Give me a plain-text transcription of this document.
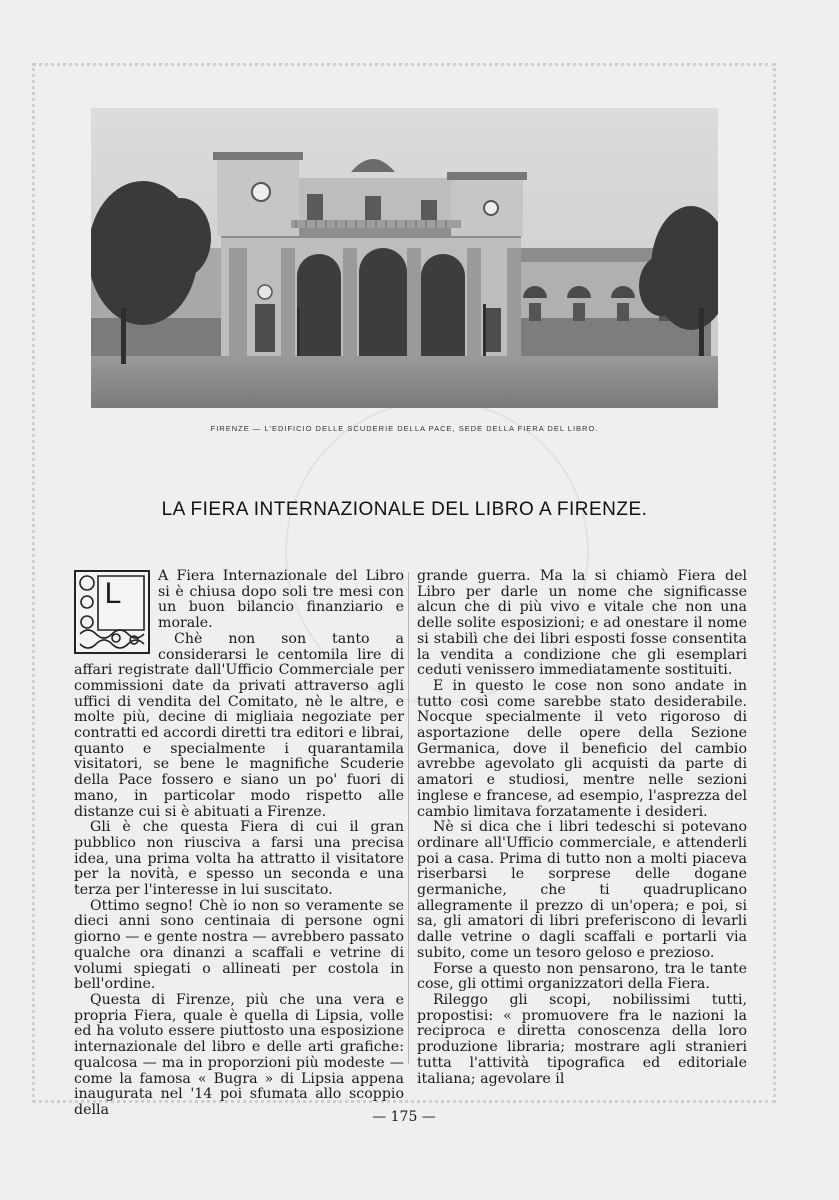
FIRENZE — L'EDIFICIO DELLE SCUDERIE DELLA PACE, SEDE DELLA FIERA DEL LIBRO.
LA FIERA INTERNAZIONALE DEL LIBRO A FIRENZE.
L

A Fiera Internazionale del Libro si è chiusa dopo soli tre mesi con un buon bilancio finanziario e morale.

Chè non son tanto a considerarsi le centomila lire di affari registrate dall'Ufficio Commerciale per commissioni date da privati attraverso agli uffici di vendita del Comitato, nè le altre, e molte più, decine di migliaia negoziate per contratti ed accordi diretti tra editori e librai, quanto e specialmente i quarantamila visitatori, se bene le magnifiche Scuderie della Pace fossero e siano un po' fuori di mano, in particolar modo rispetto alle distanze cui si è abituati a Firenze.

Gli è che questa Fiera di cui il gran pubblico non riusciva a farsi una precisa idea, una prima volta ha attratto il visitatore per la novità, e spesso un seconda e una terza per l'interesse in lui suscitato.

Ottimo segno! Chè io non so veramente se dieci anni sono centinaia di persone ogni giorno — e gente nostra — avrebbero passato qualche ora dinanzi a scaffali e vetrine di volumi spiegati o allineati per costola in bell'ordine.

Questa di Firenze, più che una vera e propria Fiera, quale è quella di Lipsia, volle ed ha voluto essere piuttosto una esposizione internazionale del libro e delle arti grafiche: qualcosa — ma in proporzioni più modeste — come la famosa « Bugra » di Lipsia appena inaugurata nel '14 poi sfumata allo scoppio della

grande guerra. Ma la si chiamò Fiera del Libro per darle un nome che significasse alcun che di più vivo e vitale che non una delle solite esposizioni; e ad onestare il nome si stabilì che dei libri esposti fosse consentita la vendita a condizione che gli esemplari ceduti venissero immediatamente sostituiti.

E in questo le cose non sono andate in tutto così come sarebbe stato desiderabile. Nocque specialmente il veto rigoroso di asportazione delle opere della Sezione Germanica, dove il beneficio del cambio avrebbe agevolato gli acquisti da parte di amatori e studiosi, mentre nelle sezioni inglese e francese, ad esempio, l'asprezza del cambio limitava forzatamente i desideri.

Nè si dica che i libri tedeschi si potevano ordinare all'Ufficio commerciale, e attenderli poi a casa. Prima di tutto non a molti piaceva riserbarsi le sorprese delle dogane germaniche, che ti quadruplicano allegramente il prezzo di un'opera; e poi, si sa, gli amatori di libri preferiscono di levarli dalle vetrine o dagli scaffali e portarli via subito, come un tesoro geloso e prezioso.

Forse a questo non pensarono, tra le tante cose, gli ottimi organizzatori della Fiera.

Rileggo gli scopi, nobilissimi tutti, propostisi: « promuovere fra le nazioni la reciproca e diretta conoscenza della loro produzione libraria; mostrare agli stranieri tutta l'attività tipografica ed editoriale italiana; agevolare il

— 175 —
